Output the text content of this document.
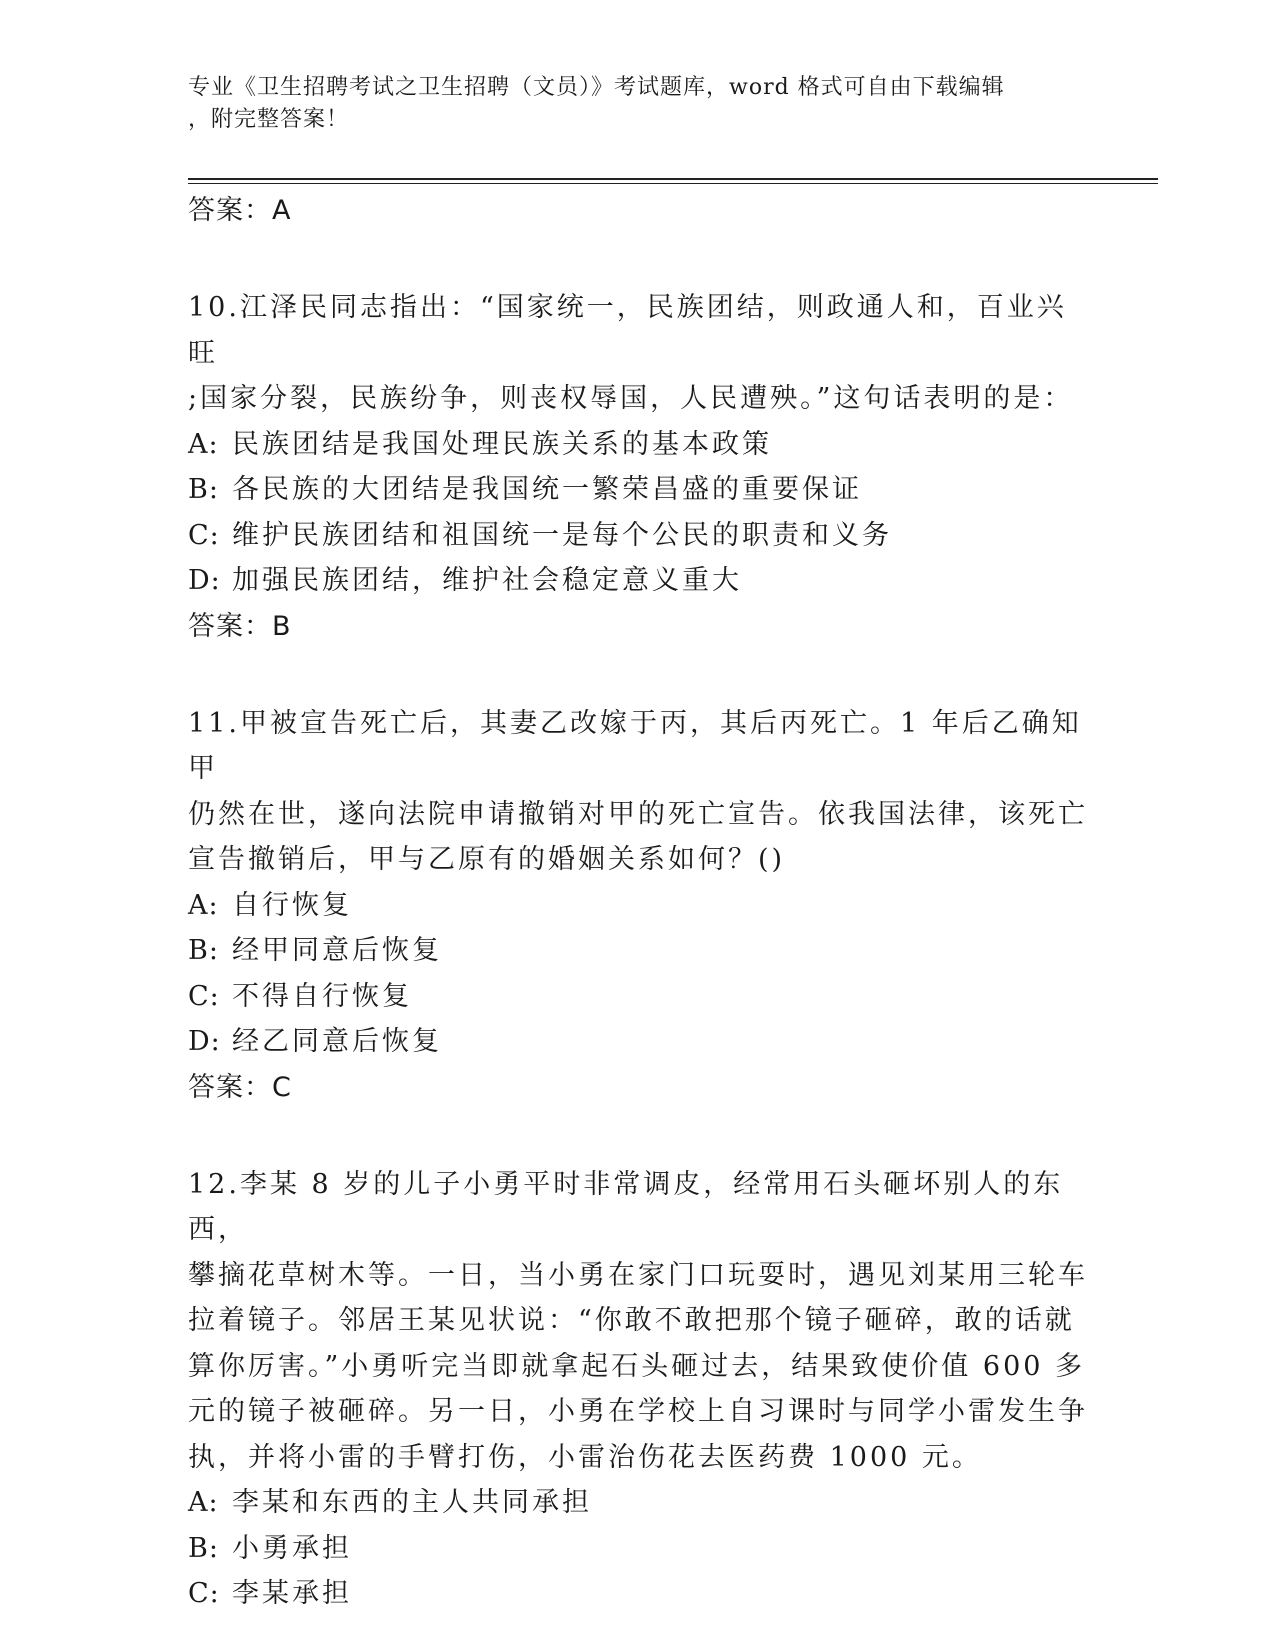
专业《卫生招聘考试之卫生招聘（文员）》考试题库，word 格式可自由下载编辑
，附完整答案！

答案：A

10.江泽民同志指出：“国家统一，民族团结，则政通人和，百业兴旺

;国家分裂，民族纷争，则丧权辱国，人民遭殃。”这句话表明的是：

A: 民族团结是我国处理民族关系的基本政策

B: 各民族的大团结是我国统一繁荣昌盛的重要保证

C: 维护民族团结和祖国统一是每个公民的职责和义务

D: 加强民族团结，维护社会稳定意义重大

答案：B

11.甲被宣告死亡后，其妻乙改嫁于丙，其后丙死亡。1 年后乙确知甲

仍然在世，遂向法院申请撤销对甲的死亡宣告。依我国法律，该死亡

宣告撤销后，甲与乙原有的婚姻关系如何？()

A: 自行恢复

B: 经甲同意后恢复

C: 不得自行恢复

D: 经乙同意后恢复

答案：C

12.李某 8 岁的儿子小勇平时非常调皮，经常用石头砸坏别人的东西，

攀摘花草树木等。一日，当小勇在家门口玩耍时，遇见刘某用三轮车

拉着镜子。邻居王某见状说：“你敢不敢把那个镜子砸碎，敢的话就

算你厉害。”小勇听完当即就拿起石头砸过去，结果致使价值 600 多

元的镜子被砸碎。另一日，小勇在学校上自习课时与同学小雷发生争

执，并将小雷的手臂打伤，小雷治伤花去医药费 1000 元。

A: 李某和东西的主人共同承担

B: 小勇承担

C: 李某承担
